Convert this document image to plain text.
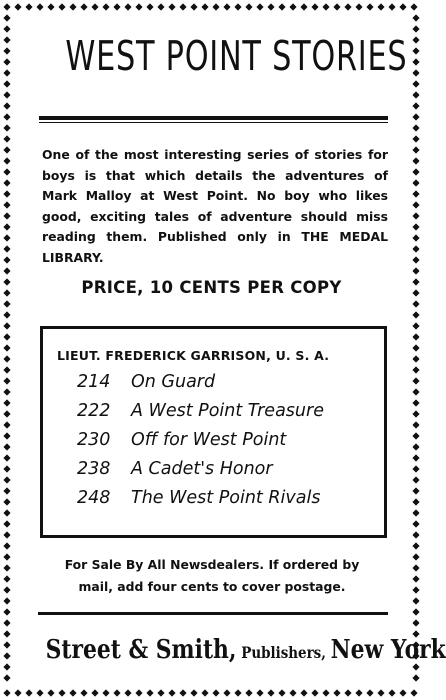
WEST POINT STORIES
One of the most interesting series of stories for boys is that which details the adventures of Mark Malloy at West Point. No boy who likes good, exciting tales of adventure should miss reading them. Published only in THE MEDAL LIBRARY.
PRICE, 10 CENTS PER COPY
LIEUT. FREDERICK GARRISON, U. S. A.
214 On Guard
222 A West Point Treasure
230 Off for West Point
238 A Cadet's Honor
248 The West Point Rivals
For Sale By All Newsdealers. If ordered by
mail, add four cents to cover postage.
Street & Smith, Publishers, New York
